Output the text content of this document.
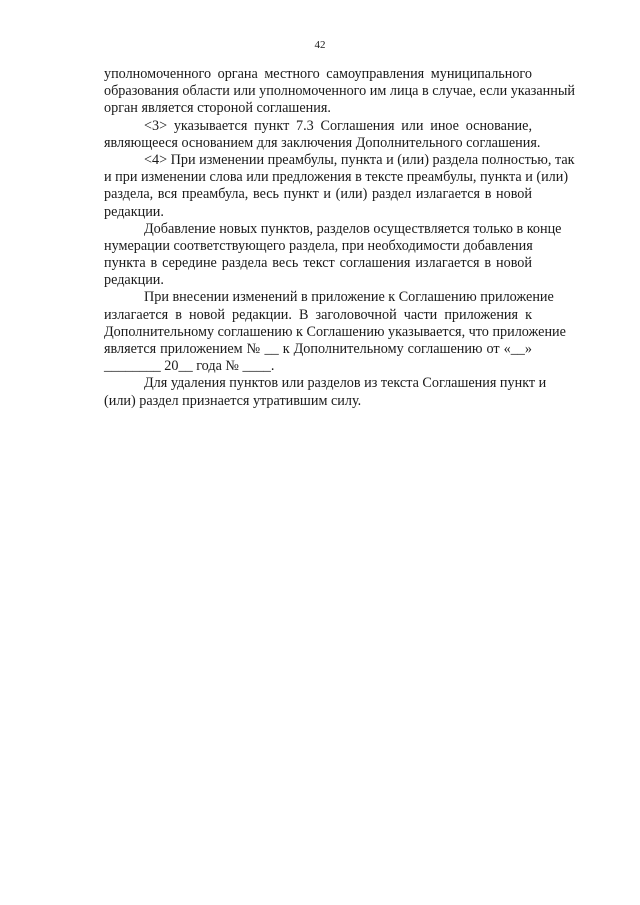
42
уполномоченного органа местного самоуправления муниципального
образования области или уполномоченного им лица в случае, если указанный
орган является стороной соглашения.
<3> указывается пункт 7.3 Соглашения или иное основание,
являющееся основанием для заключения Дополнительного соглашения.
<4> При изменении преамбулы, пункта и (или) раздела полностью, так
и при изменении слова или предложения в тексте преамбулы, пункта и (или)
раздела, вся преамбула, весь пункт и (или) раздел излагается в новой
редакции.
Добавление новых пунктов, разделов осуществляется только в конце
нумерации соответствующего раздела, при необходимости добавления
пункта в середине раздела весь текст соглашения излагается в новой
редакции.
При внесении изменений в приложение к Соглашению приложение
излагается в новой редакции. В заголовочной части приложения к
Дополнительному соглашению к Соглашению указывается, что приложение
является приложением № __ к Дополнительному соглашению от «__»
________ 20__ года № ____.
Для удаления пунктов или разделов из текста Соглашения пункт и
(или) раздел признается утратившим силу.
